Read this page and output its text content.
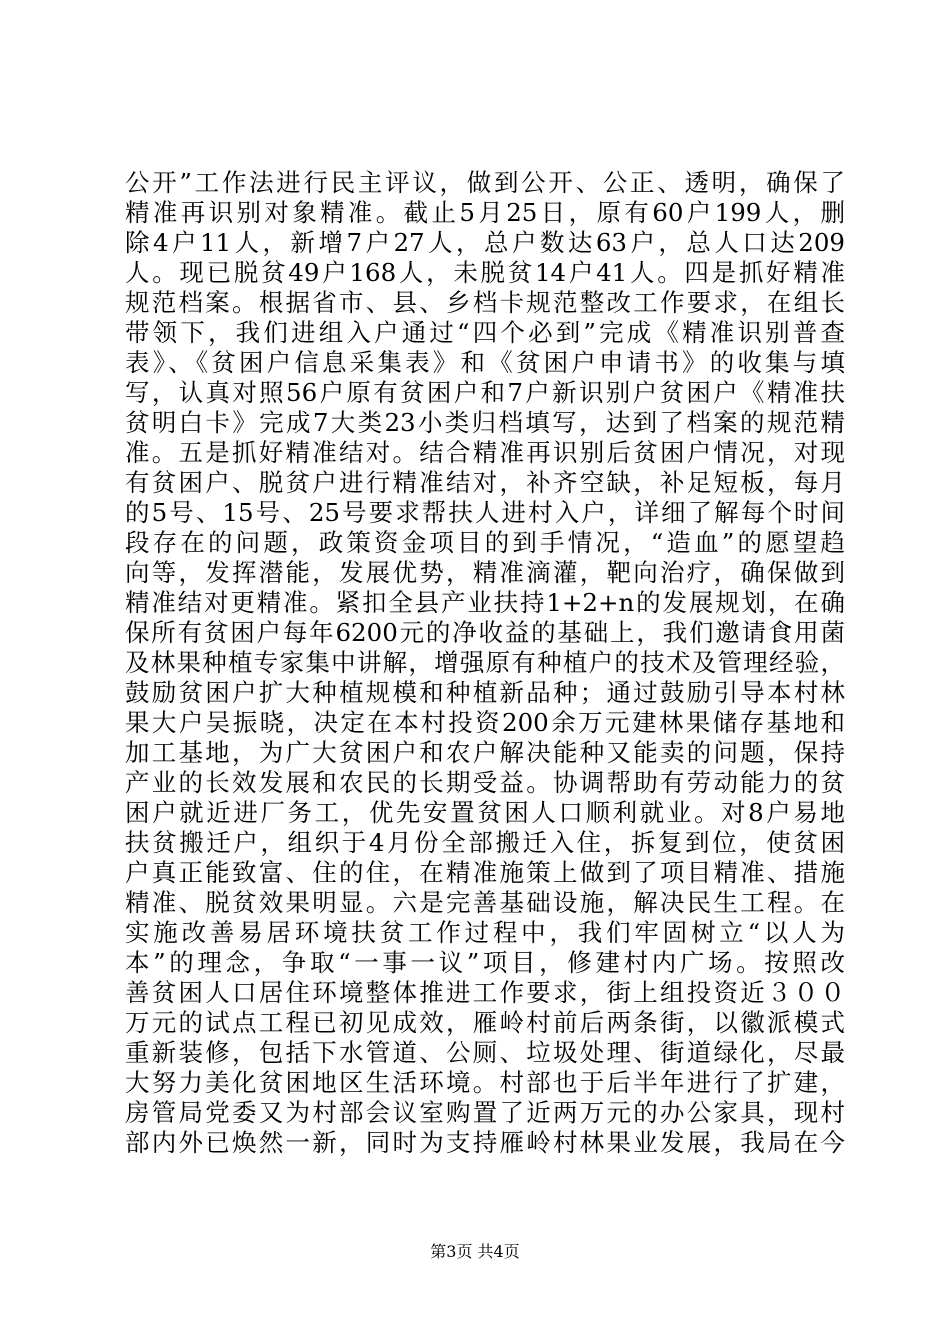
公开”工作法进行民主评议，做到公开、公正、透明，确保了
精准再识别对象精准。截止5月25日，原有60户199人，删
除4户11人，新增7户27人，总户数达63户，总人口达209
人。现已脱贫49户168人，未脱贫14户41人。四是抓好精准
规范档案。根据省市、县、乡档卡规范整改工作要求，在组长
带领下，我们进组入户通过“四个必到”完成《精准识别普查
表》、《贫困户信息采集表》和《贫困户申请书》的收集与填
写，认真对照56户原有贫困户和7户新识别户贫困户《精准扶
贫明白卡》完成7大类23小类归档填写，达到了档案的规范精
准。五是抓好精准结对。结合精准再识别后贫困户情况，对现
有贫困户、脱贫户进行精准结对，补齐空缺，补足短板，每月
的5号、15号、25号要求帮扶人进村入户，详细了解每个时间
段存在的问题，政策资金项目的到手情况，“造血”的愿望趋
向等，发挥潜能，发展优势，精准滴灌，靶向治疗，确保做到
精准结对更精准。紧扣全县产业扶持1+2+n的发展规划，在确
保所有贫困户每年6200元的净收益的基础上，我们邀请食用菌
及林果种植专家集中讲解，增强原有种植户的技术及管理经验，
鼓励贫困户扩大种植规模和种植新品种；通过鼓励引导本村林
果大户吴振晓，决定在本村投资200余万元建林果储存基地和
加工基地，为广大贫困户和农户解决能种又能卖的问题，保持
产业的长效发展和农民的长期受益。协调帮助有劳动能力的贫
困户就近进厂务工，优先安置贫困人口顺利就业。对8户易地
扶贫搬迁户，组织于4月份全部搬迁入住，拆复到位，使贫困
户真正能致富、住的住，在精准施策上做到了项目精准、措施
精准、脱贫效果明显。六是完善基础设施，解决民生工程。在
实施改善易居环境扶贫工作过程中，我们牢固树立“以人为
本”的理念，争取“一事一议”项目，修建村内广场。按照改
善贫困人口居住环境整体推进工作要求，街上组投资近３００
万元的试点工程已初见成效，雁岭村前后两条街，以徽派模式
重新装修，包括下水管道、公厕、垃圾处理、街道绿化，尽最
大努力美化贫困地区生活环境。村部也于后半年进行了扩建，
房管局党委又为村部会议室购置了近两万元的办公家具，现村
部内外已焕然一新，同时为支持雁岭村林果业发展，我局在今
第3页 共4页
